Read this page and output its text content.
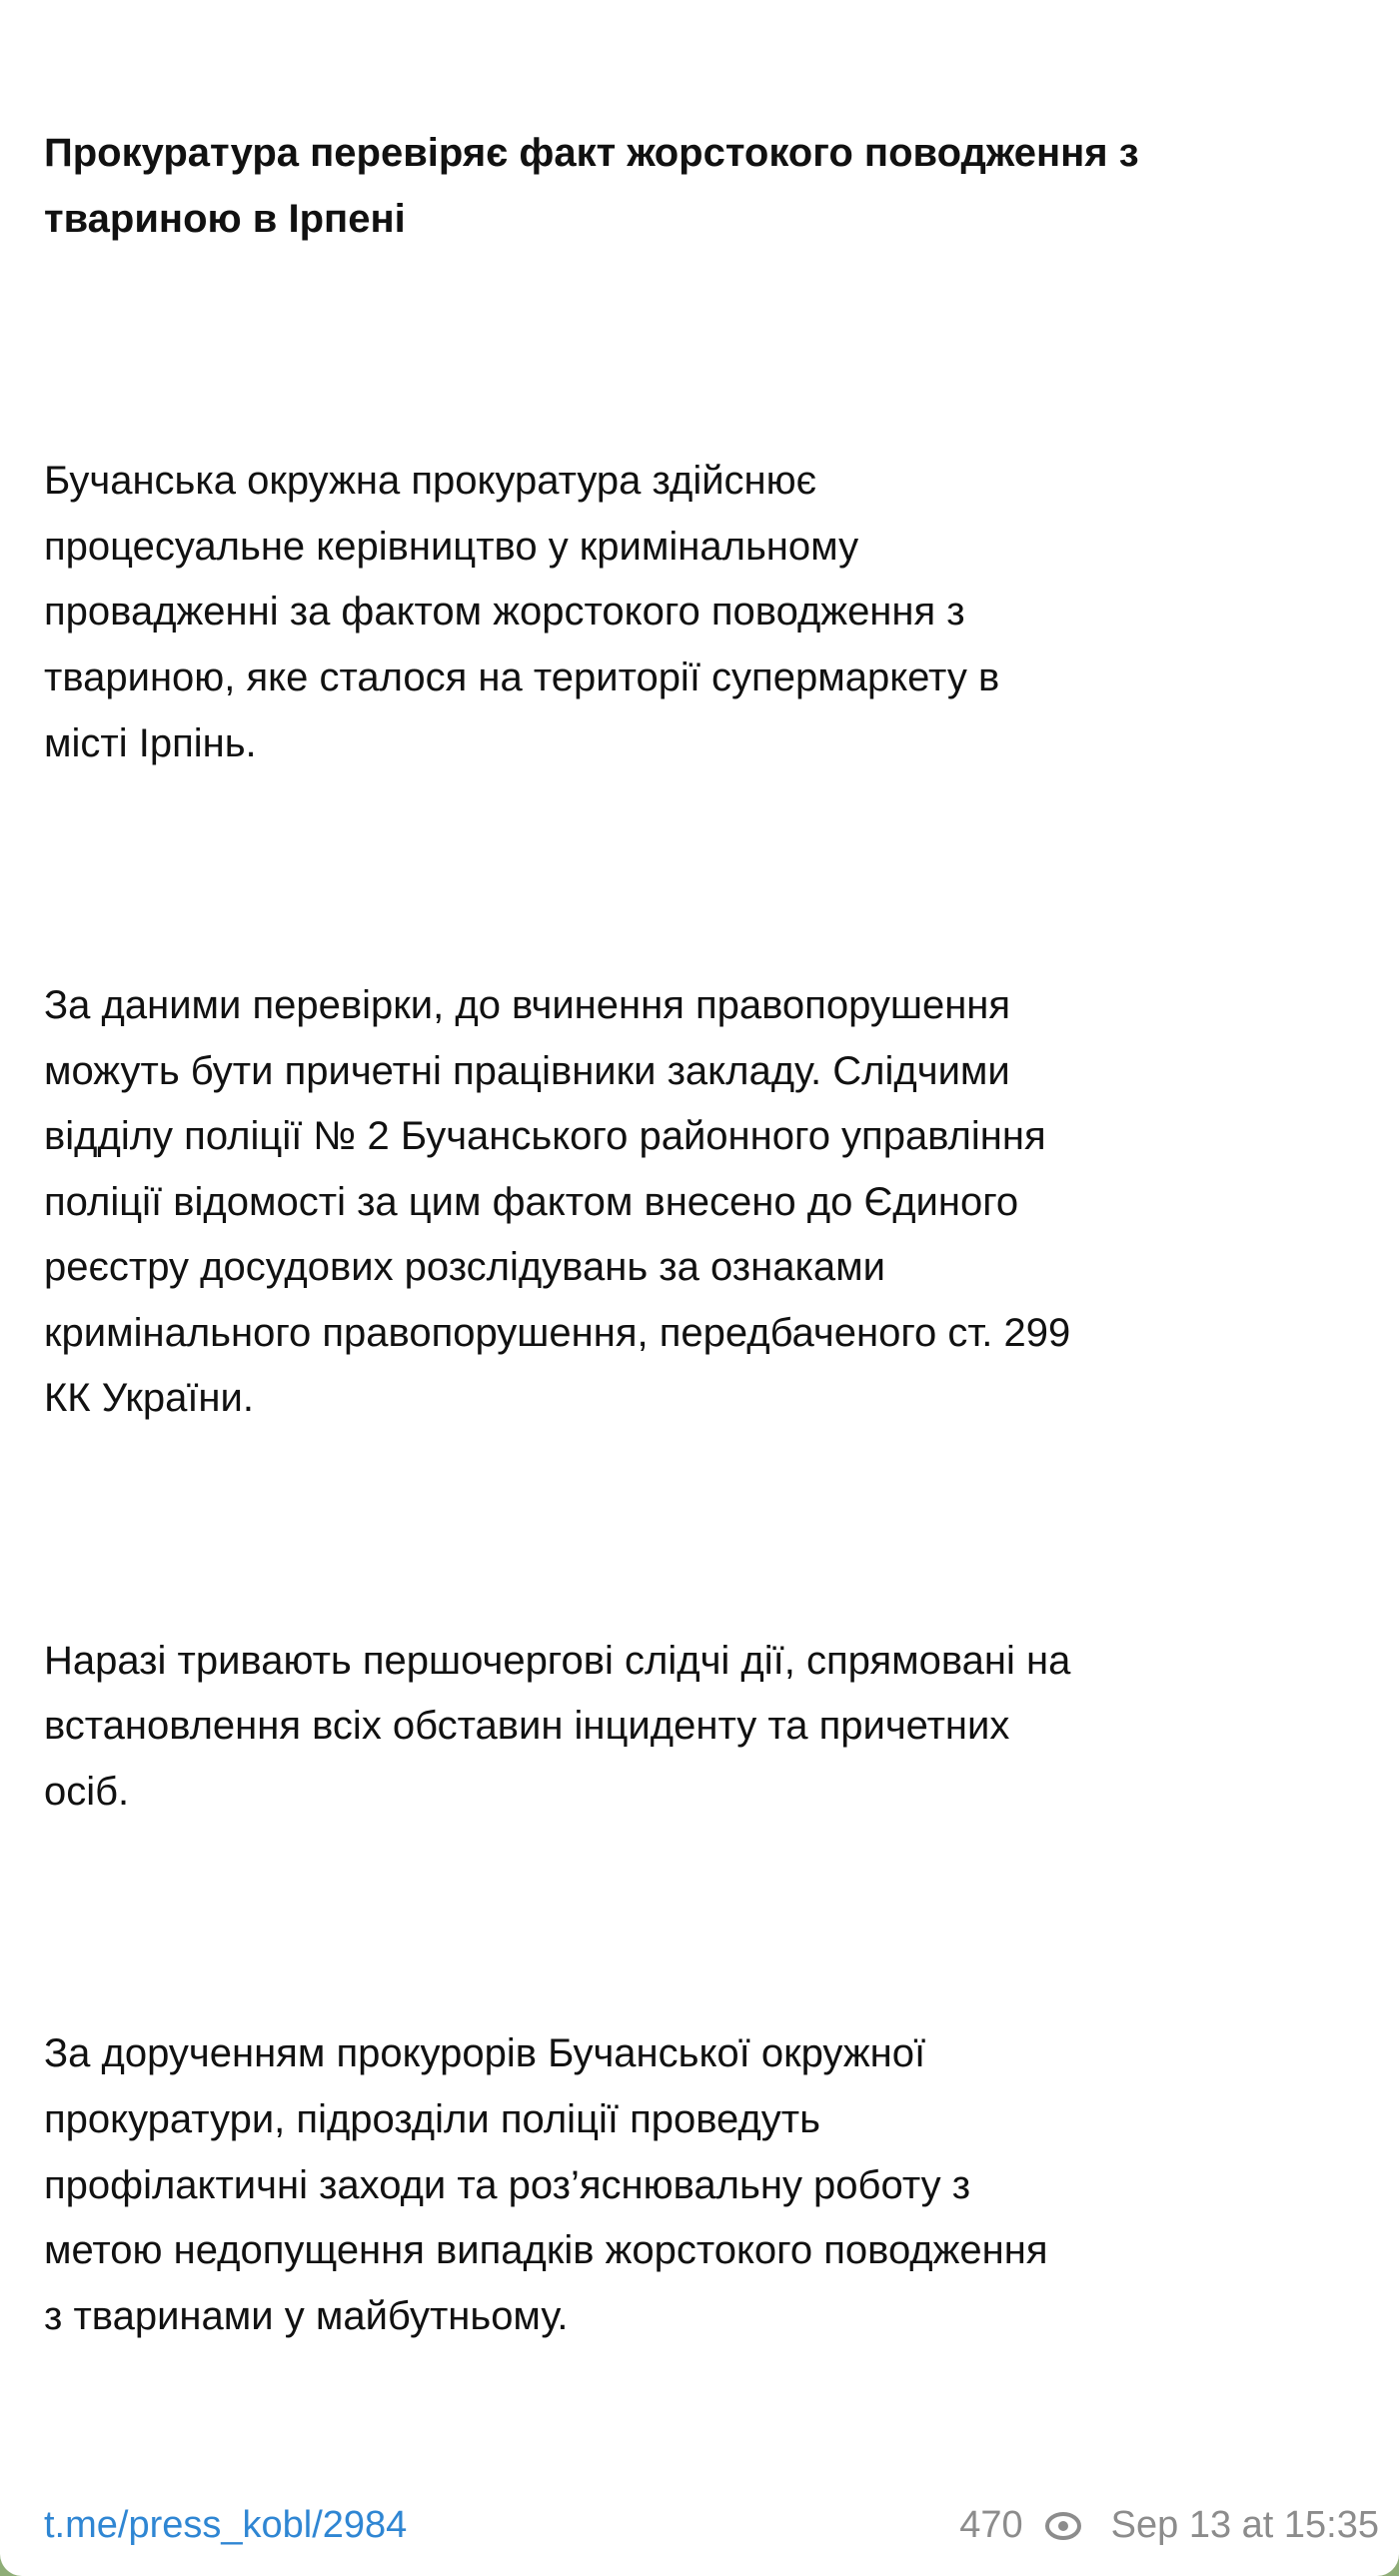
Прокуратура перевіряє факт жорстокого поводження з
твариною в Ірпені

Бучанська окружна прокуратура здійснює
процесуальне керівництво у кримінальному
провадженні за фактом жорстокого поводження з
твариною, яке сталося на території супермаркету в
місті Ірпінь.

За даними перевірки, до вчинення правопорушення
можуть бути причетні працівники закладу. Слідчими
відділу поліції № 2 Бучанського районного управління
поліції відомості за цим фактом внесено до Єдиного
реєстру досудових розслідувань за ознаками
кримінального правопорушення, передбаченого ст. 299
КК України.

Наразі тривають першочергові слідчі дії, спрямовані на
встановлення всіх обставин інциденту та причетних
осіб.

За дорученням прокурорів Бучанської окружної
прокуратури, підрозділи поліції проведуть
профілактичні заходи та роз’яснювальну роботу з
метою недопущення випадків жорстокого поводження
з тваринами у майбутньому.

t.me/press_kobl/2984	470 Sep 13 at 15:35
